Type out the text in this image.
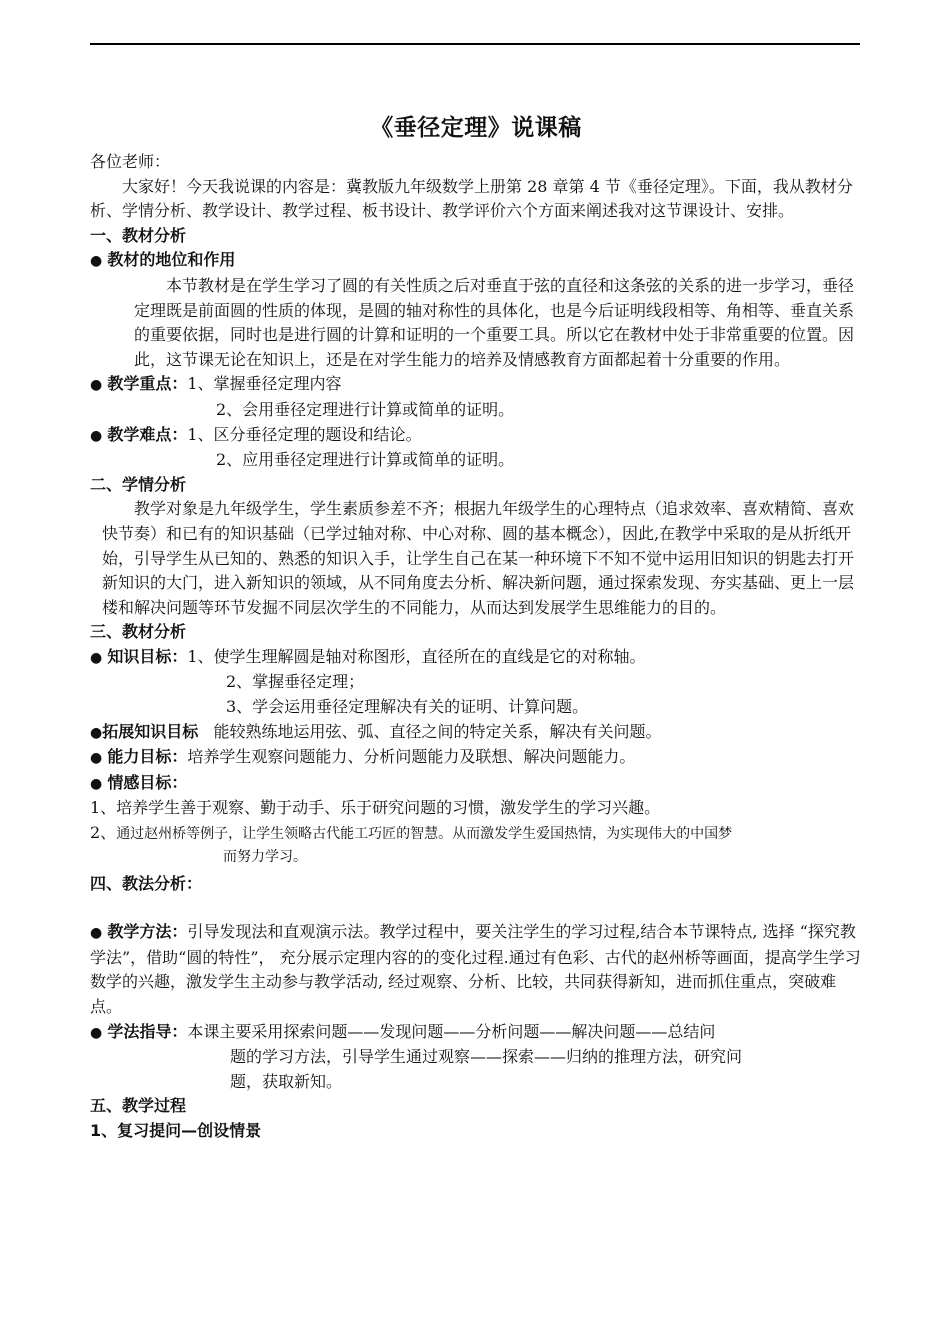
《垂径定理》说课稿
各位老师：
大家好！今天我说课的内容是：冀教版九年级数学上册第 28 章第 4 节《垂径定理》。下面，我从教材分析、学情分析、教学设计、教学过程、板书设计、教学评价六个方面来阐述我对这节课设计、安排。
一、教材分析
● 教材的地位和作用
本节教材是在学生学习了圆的有关性质之后对垂直于弦的直径和这条弦的关系的进一步学习，垂径定理既是前面圆的性质的体现，是圆的轴对称性的具体化，也是今后证明线段相等、角相等、垂直关系的重要依据，同时也是进行圆的计算和证明的一个重要工具。所以它在教材中处于非常重要的位置。因此，这节课无论在知识上，还是在对学生能力的培养及情感教育方面都起着十分重要的作用。
● 教学重点：1、掌握垂径定理内容
2、会用垂径定理进行计算或简单的证明。
● 教学难点：1、区分垂径定理的题设和结论。
2、应用垂径定理进行计算或简单的证明。
二、学情分析
教学对象是九年级学生，学生素质参差不齐；根据九年级学生的心理特点（追求效率、喜欢精简、喜欢快节奏）和已有的知识基础（已学过轴对称、中心对称、圆的基本概念），因此,在教学中采取的是从折纸开始，引导学生从已知的、熟悉的知识入手，让学生自己在某一种环境下不知不觉中运用旧知识的钥匙去打开新知识的大门，进入新知识的领域，从不同角度去分析、解决新问题，通过探索发现、夯实基础、更上一层楼和解决问题等环节发掘不同层次学生的不同能力，从而达到发展学生思维能力的目的。
三、教材分析
● 知识目标：1、使学生理解圆是轴对称图形，直径所在的直线是它的对称轴。
2、掌握垂径定理；
3、学会运用垂径定理解决有关的证明、计算问题。
●拓展知识目标 能较熟练地运用弦、弧、直径之间的特定关系，解决有关问题。
● 能力目标：培养学生观察问题能力、分析问题能力及联想、解决问题能力。
● 情感目标：
1、培养学生善于观察、勤于动手、乐于研究问题的习惯，激发学生的学习兴趣。
2、通过赵州桥等例子，让学生领略古代能工巧匠的智慧。从而激发学生爱国热情，为实现伟大的中国梦
而努力学习。
四、教法分析：
● 教学方法：引导发现法和直观演示法。教学过程中，要关注学生的学习过程,结合本节课特点, 选择 “探究教学法”，借助“圆的特性”， 充分展示定理内容的的变化过程.通过有色彩、古代的赵州桥等画面，提高学生学习数学的兴趣，激发学生主动参与教学活动, 经过观察、分析、比较，共同获得新知，进而抓住重点，突破难点。
● 学法指导：本课主要采用探索问题——发现问题——分析问题——解决问题——总结问
题的学习方法，引导学生通过观察——探索——归纳的推理方法，研究问
题，获取新知。
五、教学过程
1、复习提问—创设情景
